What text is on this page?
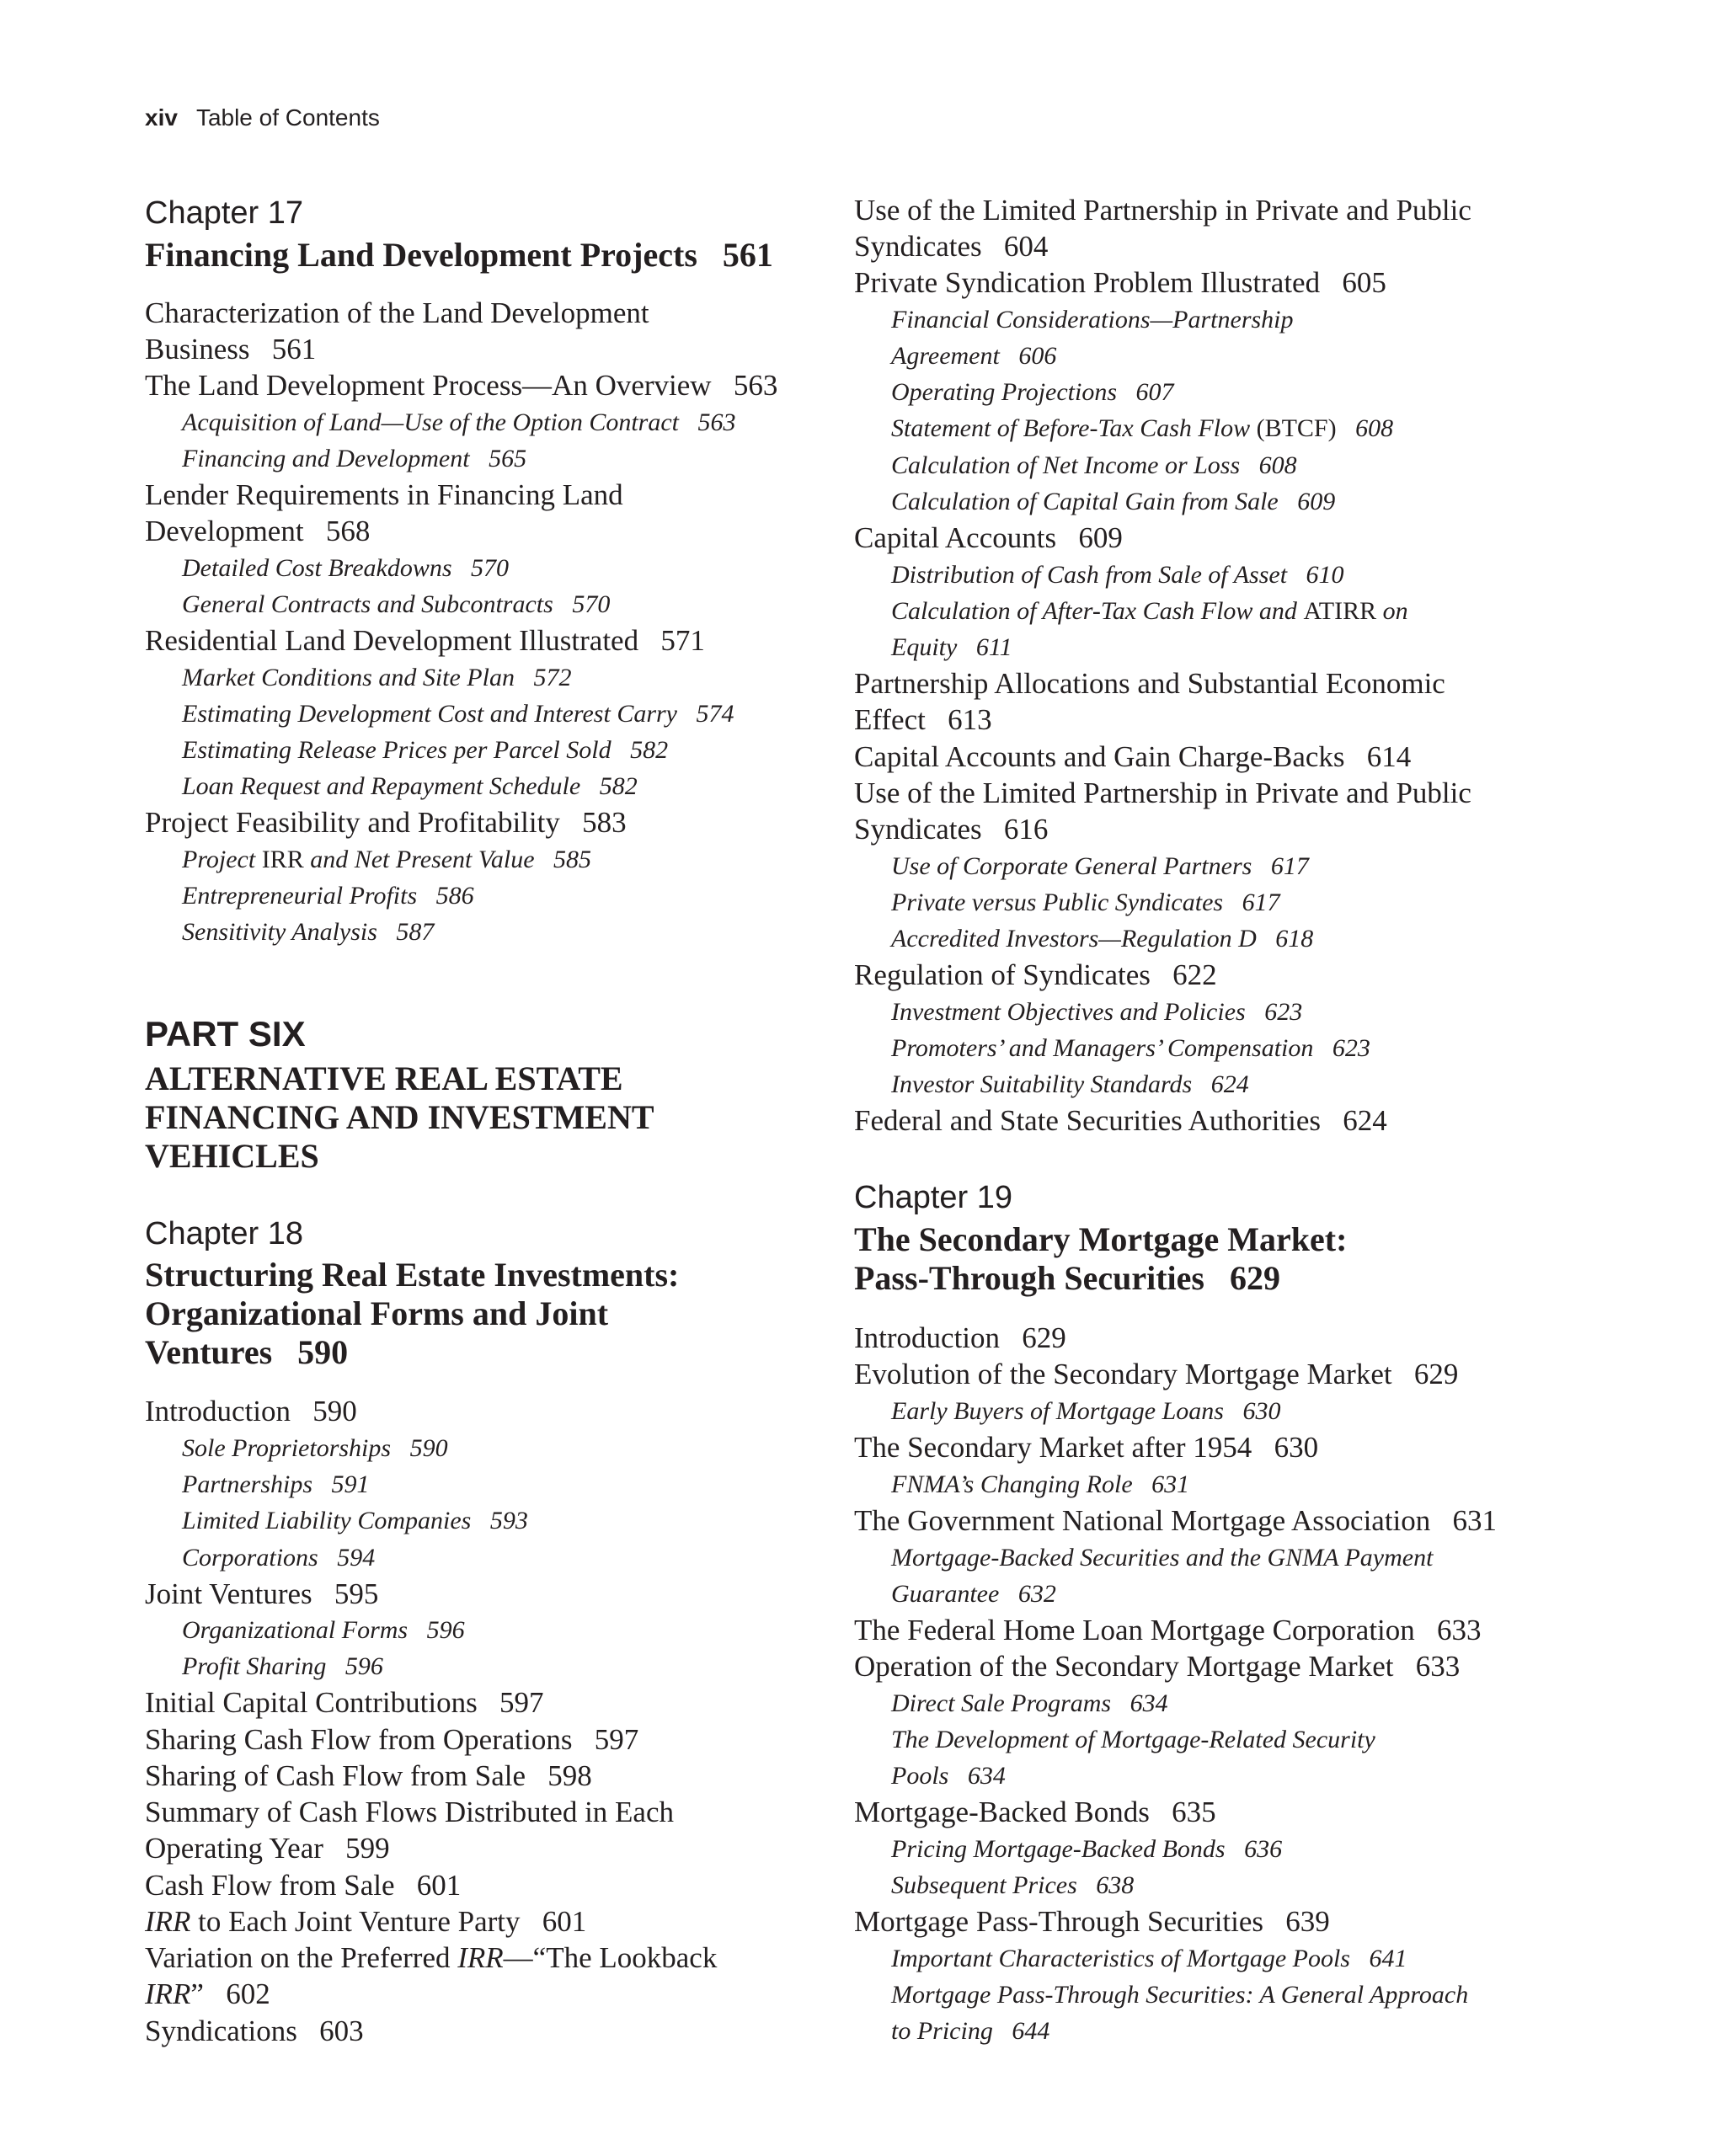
xiv Table of Contents
Chapter 17
Financing Land Development Projects 561
Characterization of the Land Development
Business 561
The Land Development Process—An Overview 563
Acquisition of Land—Use of the Option Contract 563
Financing and Development 565
Lender Requirements in Financing Land
Development 568
Detailed Cost Breakdowns 570
General Contracts and Subcontracts 570
Residential Land Development Illustrated 571
Market Conditions and Site Plan 572
Estimating Development Cost and Interest Carry 574
Estimating Release Prices per Parcel Sold 582
Loan Request and Repayment Schedule 582
Project Feasibility and Profitability 583
Project IRR and Net Present Value 585
Entrepreneurial Profits 586
Sensitivity Analysis 587
PART SIX
ALTERNATIVE REAL ESTATE
FINANCING AND INVESTMENT
VEHICLES
Chapter 18
Structuring Real Estate Investments:
Organizational Forms and Joint
Ventures 590
Introduction 590
Sole Proprietorships 590
Partnerships 591
Limited Liability Companies 593
Corporations 594
Joint Ventures 595
Organizational Forms 596
Profit Sharing 596
Initial Capital Contributions 597
Sharing Cash Flow from Operations 597
Sharing of Cash Flow from Sale 598
Summary of Cash Flows Distributed in Each
Operating Year 599
Cash Flow from Sale 601
IRR to Each Joint Venture Party 601
Variation on the Preferred IRR—“The Lookback
IRR” 602
Syndications 603
Use of the Limited Partnership in Private and Public
Syndicates 604
Private Syndication Problem Illustrated 605
Financial Considerations—Partnership
Agreement 606
Operating Projections 607
Statement of Before-Tax Cash Flow (BTCF) 608
Calculation of Net Income or Loss 608
Calculation of Capital Gain from Sale 609
Capital Accounts 609
Distribution of Cash from Sale of Asset 610
Calculation of After-Tax Cash Flow and ATIRR on
Equity 611
Partnership Allocations and Substantial Economic
Effect 613
Capital Accounts and Gain Charge-Backs 614
Use of the Limited Partnership in Private and Public
Syndicates 616
Use of Corporate General Partners 617
Private versus Public Syndicates 617
Accredited Investors—Regulation D 618
Regulation of Syndicates 622
Investment Objectives and Policies 623
Promoters’ and Managers’ Compensation 623
Investor Suitability Standards 624
Federal and State Securities Authorities 624
Chapter 19
The Secondary Mortgage Market:
Pass-Through Securities 629
Introduction 629
Evolution of the Secondary Mortgage Market 629
Early Buyers of Mortgage Loans 630
The Secondary Market after 1954 630
FNMA’s Changing Role 631
The Government National Mortgage Association 631
Mortgage-Backed Securities and the GNMA Payment
Guarantee 632
The Federal Home Loan Mortgage Corporation 633
Operation of the Secondary Mortgage Market 633
Direct Sale Programs 634
The Development of Mortgage-Related Security
Pools 634
Mortgage-Backed Bonds 635
Pricing Mortgage-Backed Bonds 636
Subsequent Prices 638
Mortgage Pass-Through Securities 639
Important Characteristics of Mortgage Pools 641
Mortgage Pass-Through Securities: A General Approach
to Pricing 644
